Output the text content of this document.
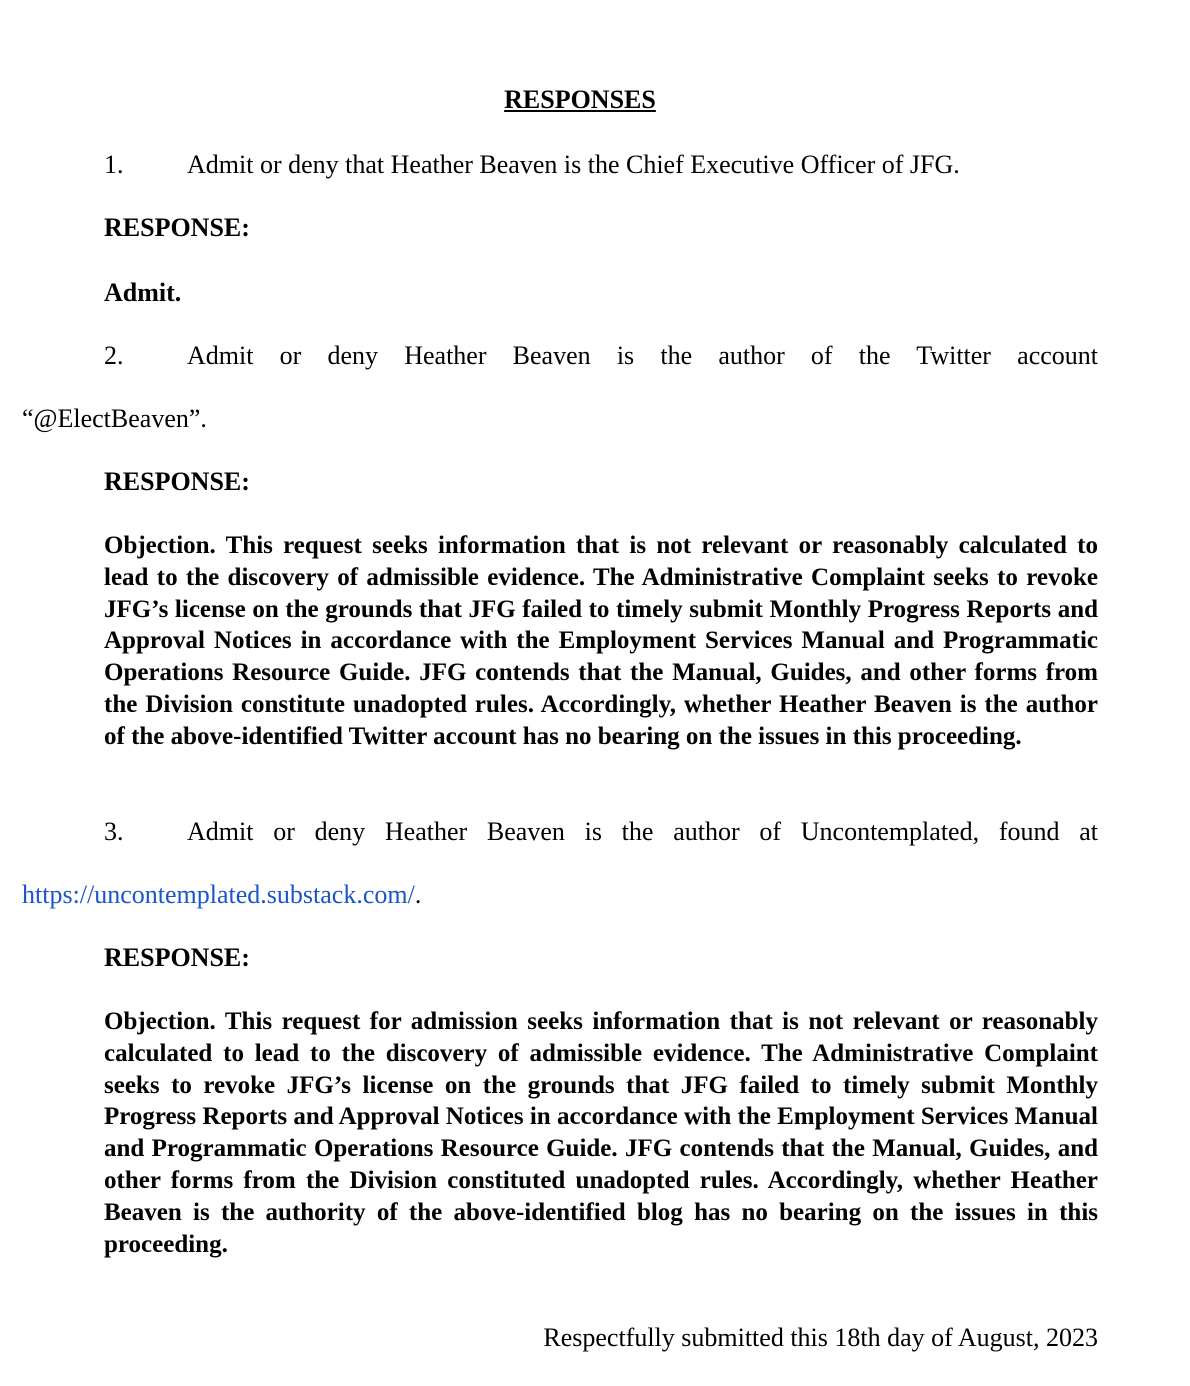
RESPONSES
1. Admit or deny that Heather Beaven is the Chief Executive Officer of JFG.
RESPONSE:
Admit.
2. Admit or deny Heather Beaven is the author of the Twitter account
“@ElectBeaven”.
RESPONSE:
Objection. This request seeks information that is not relevant or reasonably calculated to lead to the discovery of admissible evidence. The Administrative Complaint seeks to revoke JFG’s license on the grounds that JFG failed to timely submit Monthly Progress Reports and Approval Notices in accordance with the Employment Services Manual and Programmatic Operations Resource Guide. JFG contends that the Manual, Guides, and other forms from the Division constitute unadopted rules. Accordingly, whether Heather Beaven is the author of the above-identified Twitter account has no bearing on the issues in this proceeding.
3. Admit or deny Heather Beaven is the author of Uncontemplated, found at
https://uncontemplated.substack.com/.
RESPONSE:
Objection. This request for admission seeks information that is not relevant or reasonably calculated to lead to the discovery of admissible evidence. The Administrative Complaint seeks to revoke JFG’s license on the grounds that JFG failed to timely submit Monthly Progress Reports and Approval Notices in accordance with the Employment Services Manual and Programmatic Operations Resource Guide. JFG contends that the Manual, Guides, and other forms from the Division constituted unadopted rules. Accordingly, whether Heather Beaven is the authority of the above-identified blog has no bearing on the issues in this proceeding.
Respectfully submitted this 18th day of August, 2023
